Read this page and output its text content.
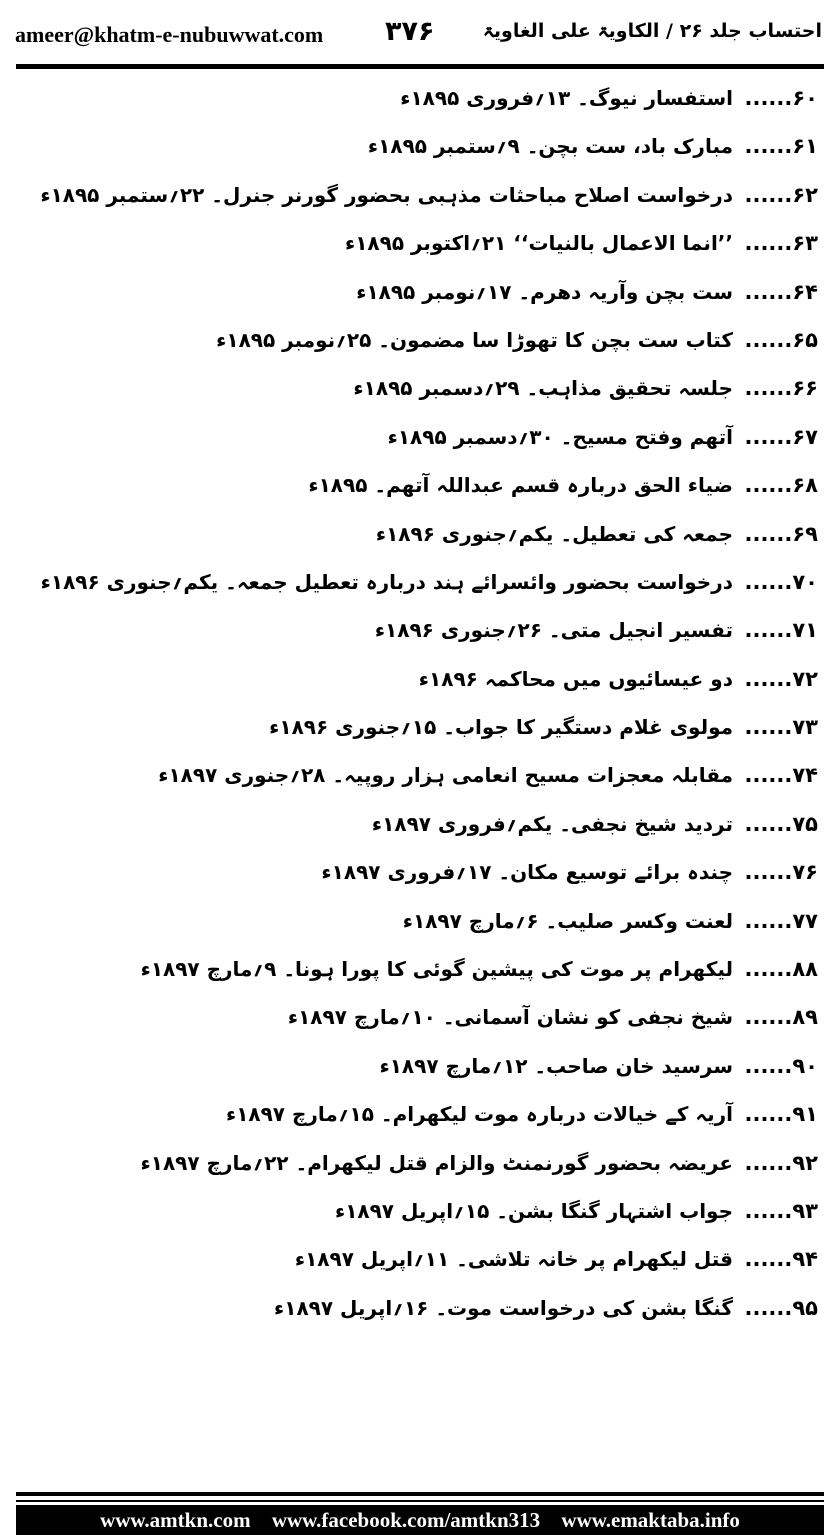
ameer@khatm-e-nubuwwat.com ۳۷۶	احتساب جلد ۲۶ / الکاویۃ علی الغاویۃ
۶۰......
استفسار نیوگ۔ ۱۳؍فروری ۱۸۹۵ء
۶۱......
مبارک باد، ست بچن۔ ۹؍ستمبر ۱۸۹۵ء
۶۲......
درخواست اصلاح مباحثات مذہبی بحضور گورنر جنرل۔ ۲۲؍ستمبر ۱۸۹۵ء
۶۳......
’’انما الاعمال بالنیات‘‘ ۲۱؍اکتوبر ۱۸۹۵ء
۶۴......
ست بچن وآریہ دھرم۔ ۱۷؍نومبر ۱۸۹۵ء
۶۵......
کتاب ست بچن کا تھوڑا سا مضمون۔ ۲۵؍نومبر ۱۸۹۵ء
۶۶......
جلسہ تحقیق مذاہب۔ ۲۹؍دسمبر ۱۸۹۵ء
۶۷......
آتھم وفتح مسیح۔ ۳۰؍دسمبر ۱۸۹۵ء
۶۸......
ضیاء الحق دربارہ قسم عبداللہ آتھم۔ ۱۸۹۵ء
۶۹......
جمعہ کی تعطیل۔ یکم؍جنوری ۱۸۹۶ء
۷۰......
درخواست بحضور وائسرائے ہند دربارہ تعطیل جمعہ۔ یکم؍جنوری ۱۸۹۶ء
۷۱......
تفسیر انجیل متی۔ ۲۶؍جنوری ۱۸۹۶ء
۷۲......
دو عیسائیوں میں محاکمہ ۱۸۹۶ء
۷۳......
مولوی غلام دستگیر کا جواب۔ ۱۵؍جنوری ۱۸۹۶ء
۷۴......
مقابلہ معجزات مسیح انعامی ہزار روپیہ۔ ۲۸؍جنوری ۱۸۹۷ء
۷۵......
تردید شیخ نجفی۔ یکم؍فروری ۱۸۹۷ء
۷۶......
چندہ برائے توسیع مکان۔ ۱۷؍فروری ۱۸۹۷ء
۷۷......
لعنت وکسر صلیب۔ ۶؍مارچ ۱۸۹۷ء
۸۸......
لیکھرام پر موت کی پیشین گوئی کا پورا ہونا۔ ۹؍مارچ ۱۸۹۷ء
۸۹......
شیخ نجفی کو نشان آسمانی۔ ۱۰؍مارچ ۱۸۹۷ء
۹۰......
سرسید خان صاحب۔ ۱۲؍مارچ ۱۸۹۷ء
۹۱......
آریہ کے خیالات دربارہ موت لیکھرام۔ ۱۵؍مارچ ۱۸۹۷ء
۹۲......
عریضہ بحضور گورنمنٹ والزام قتل لیکھرام۔ ۲۲؍مارچ ۱۸۹۷ء
۹۳......
جواب اشتہار گنگا بشن۔ ۱۵؍اپریل ۱۸۹۷ء
۹۴......
قتل لیکھرام پر خانہ تلاشی۔ ۱۱؍اپریل ۱۸۹۷ء
۹۵......
گنگا بشن کی درخواست موت۔ ۱۶؍اپریل ۱۸۹۷ء
www.amtkn.com www.facebook.com/amtkn313 www.emaktaba.info
